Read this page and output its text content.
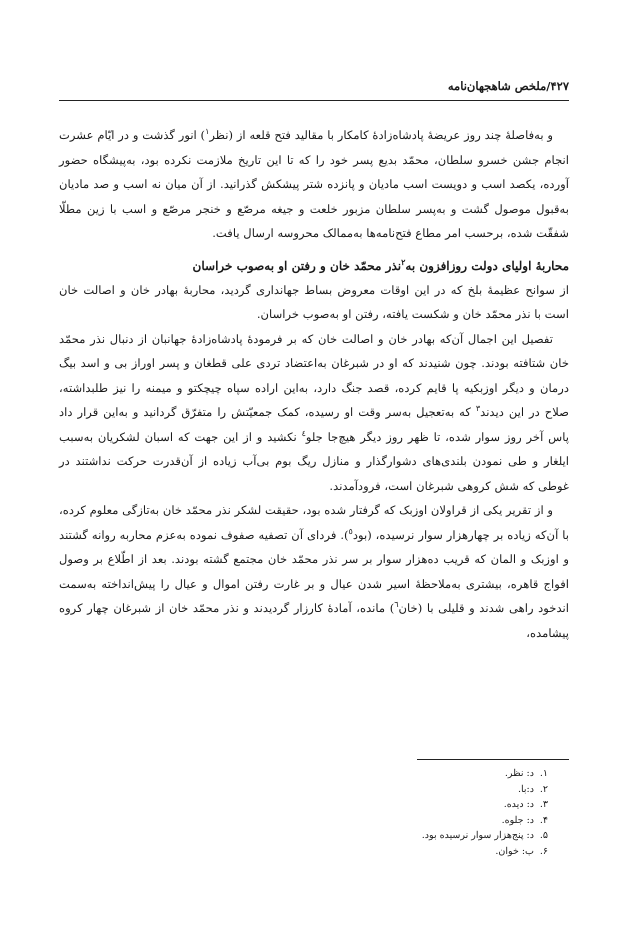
۴۲۷/ملخص شاهجهان‌نامه

و به‌فاصلهٔ چند روز عریضهٔ پادشاه‌زادهٔ کامکار با مقالید فتح قلعه از (نظر$^١$) انور گذشت و در ایّام عشرت انجام جشن خسرو سلطان، محمّد بدیع پسر خود را که تا این تاریخ ملازمت نکرده بود، به‌پیشگاه حضور آورده، یکصد اسب و دویست اسب مادیان و پانزده شتر پیشکش گذرانید. از آن میان نه اسب و صد مادیان به‌قبول موصول گشت و به‌پسر سلطان مزبور خلعت و جیغه مرصّع و خنجر مرصّع و اسب با زین مطلّا شفقّت شده، برحسب امر مطاع فتح‌نامه‌ها به‌ممالک محروسه ارسال یافت.

محاربهٔ اولیای دولت روزافزون به$^٢$نذر محمّد خان و رفتن او به‌صوب خراسان

از سوانح عظیمهٔ بلخ که در این اوقات معروض بساط جهانداری گردید، محاربهٔ بهادر خان و اصالت خان است با نذر محمّد خان و شکست یافته، رفتن او به‌صوب خراسان.

تفصیل این اجمال آن‌که بهادر خان و اصالت خان که بر فرمودهٔ پادشاه‌زادهٔ جهانبان از دنبال نذر محمّد خان شتافته بودند. چون شنیدند که او در شبرغان به‌اعتضاد تردی علی قطغان و پسر اوراز بی و اسد بیگ درمان و دیگر اوزبکیه پا قایم کرده، قصد جنگ دارد، به‌این اراده سپاه چیچکتو و میمنه را نیز طلبداشته، صلاح در این دیدند$^٣$ که به‌تعجیل به‌سر وقت او رسیده، کمک جمعیّتش را متفرّق گردانید و به‌این قرار داد پاس آخر روز سوار شده، تا ظهر روز دیگر هیچ‌جا جلو$^٤$ نکشید و از این جهت که اسبان لشکریان به‌سبب ایلغار و طی نمودن بلندی‌های دشوارگذار و منازل ریگ بوم بی‌آب زیاده از آن‌قدرت حرکت نداشتند در غوطی که شش کروهی شبرغان است، فرودآمدند.

و از تقریر یکی از قراولان اوزبک که گرفتار شده بود، حقیقت لشکر نذر محمّد خان به‌تازگی معلوم کرده، با آن‌که زیاده بر چهارهزار سوار نرسیده، (بود$^٥$). فردای آن تصفیه صفوف نموده به‌عزم محاربه روانه گشتند و اوزبک و المان که قریب ده‌هزار سوار بر سر نذر محمّد خان مجتمع گشته بودند. بعد از اطّلاع بر وصول افواج قاهره، بیشتری به‌ملاحظهٔ اسیر شدن عیال و بر غارت رفتن اموال و عیال را پیش‌انداخته به‌سمت اندخود راهی شدند و قلیلی با (خان$^٦$) مانده، آمادهٔ کارزار گردیدند و نذر محمّد خان از شبرغان چهار کروه پیشامده،

١.د: نظر.
٢.د:با.
٣.د: دیده.
۴.د: جلوه.
۵.د: پنج‌هزار سوار نرسیده بود.
۶.ب: خوان.
